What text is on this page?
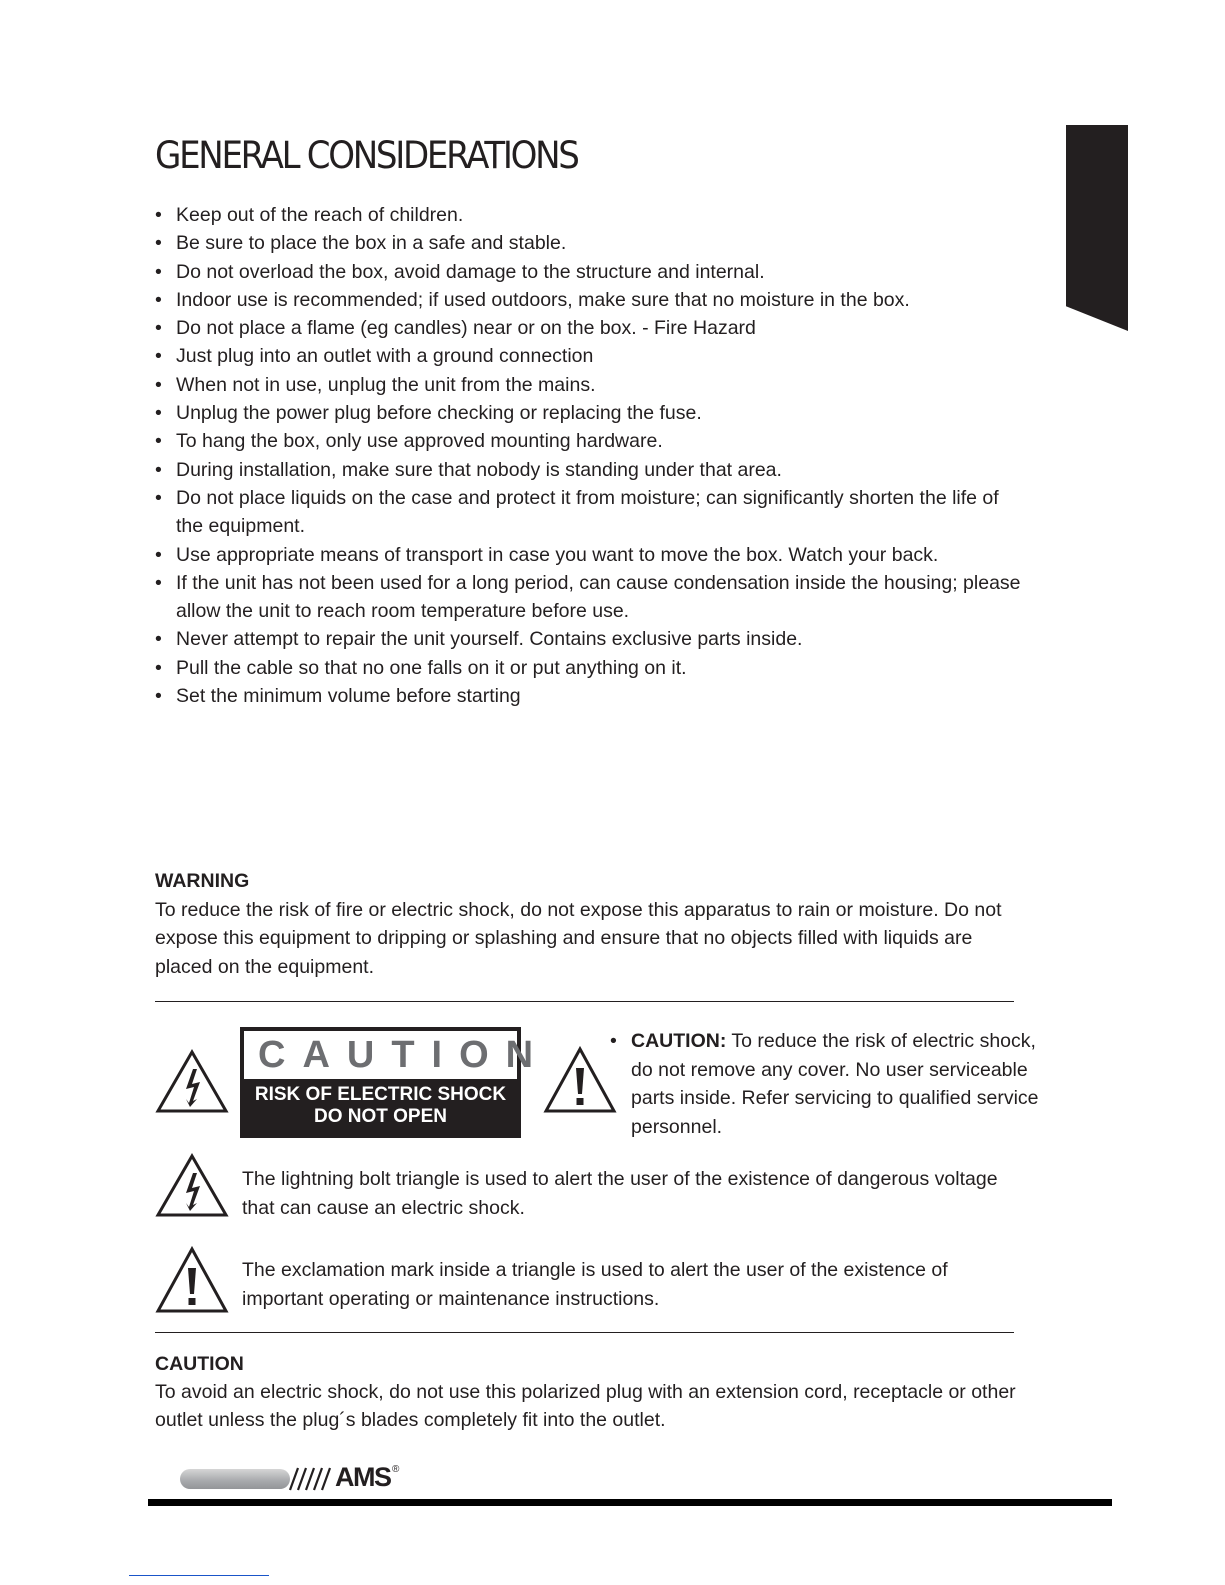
GENERAL CONSIDERATIONS
• Keep out of the reach of children.
• Be sure to place the box in a safe and stable.
• Do not overload the box, avoid damage to the structure and internal.
• Indoor use is recommended; if used outdoors, make sure that no moisture in the box.
• Do not place a flame (eg candles) near or on the box. - Fire Hazard
• Just plug into an outlet with a ground connection
• When not in use, unplug the unit from the mains.
• Unplug the power plug before checking or replacing the fuse.
• To hang the box, only use approved mounting hardware.
• During installation, make sure that nobody is standing under that area.
• Do not place liquids on the case and protect it from moisture; can significantly shorten the life of the equipment.
• Use appropriate means of transport in case you want to move the box. Watch your back.
• If the unit has not been used for a long period, can cause condensation inside the housing; please allow the unit to reach room temperature before use.
• Never attempt to repair the unit yourself. Contains exclusive parts inside.
• Pull the cable so that no one falls on it or put anything on it.
• Set the minimum volume before starting
WARNING

To reduce the risk of fire or electric shock, do not expose this apparatus to rain or moisture. Do not expose this equipment to dripping or splashing and ensure that no objects filled with liquids are placed on the equipment.

CAUTION
RISK OF ELECTRIC SHOCK
DO NOT OPEN
• CAUTION: To reduce the risk of electric shock, do not remove any cover. No user serviceable parts inside. Refer servicing to qualified service personnel.
The lightning bolt triangle is used to alert the user of the existence of dangerous voltage that can cause an electric shock.
The exclamation mark inside a triangle is used to alert the user of the existence of important operating or maintenance instructions.
CAUTION

To avoid an electric shock, do not use this polarized plug with an extension cord, receptacle or other outlet unless the plug´s blades completely fit into the outlet.

AMS ®
